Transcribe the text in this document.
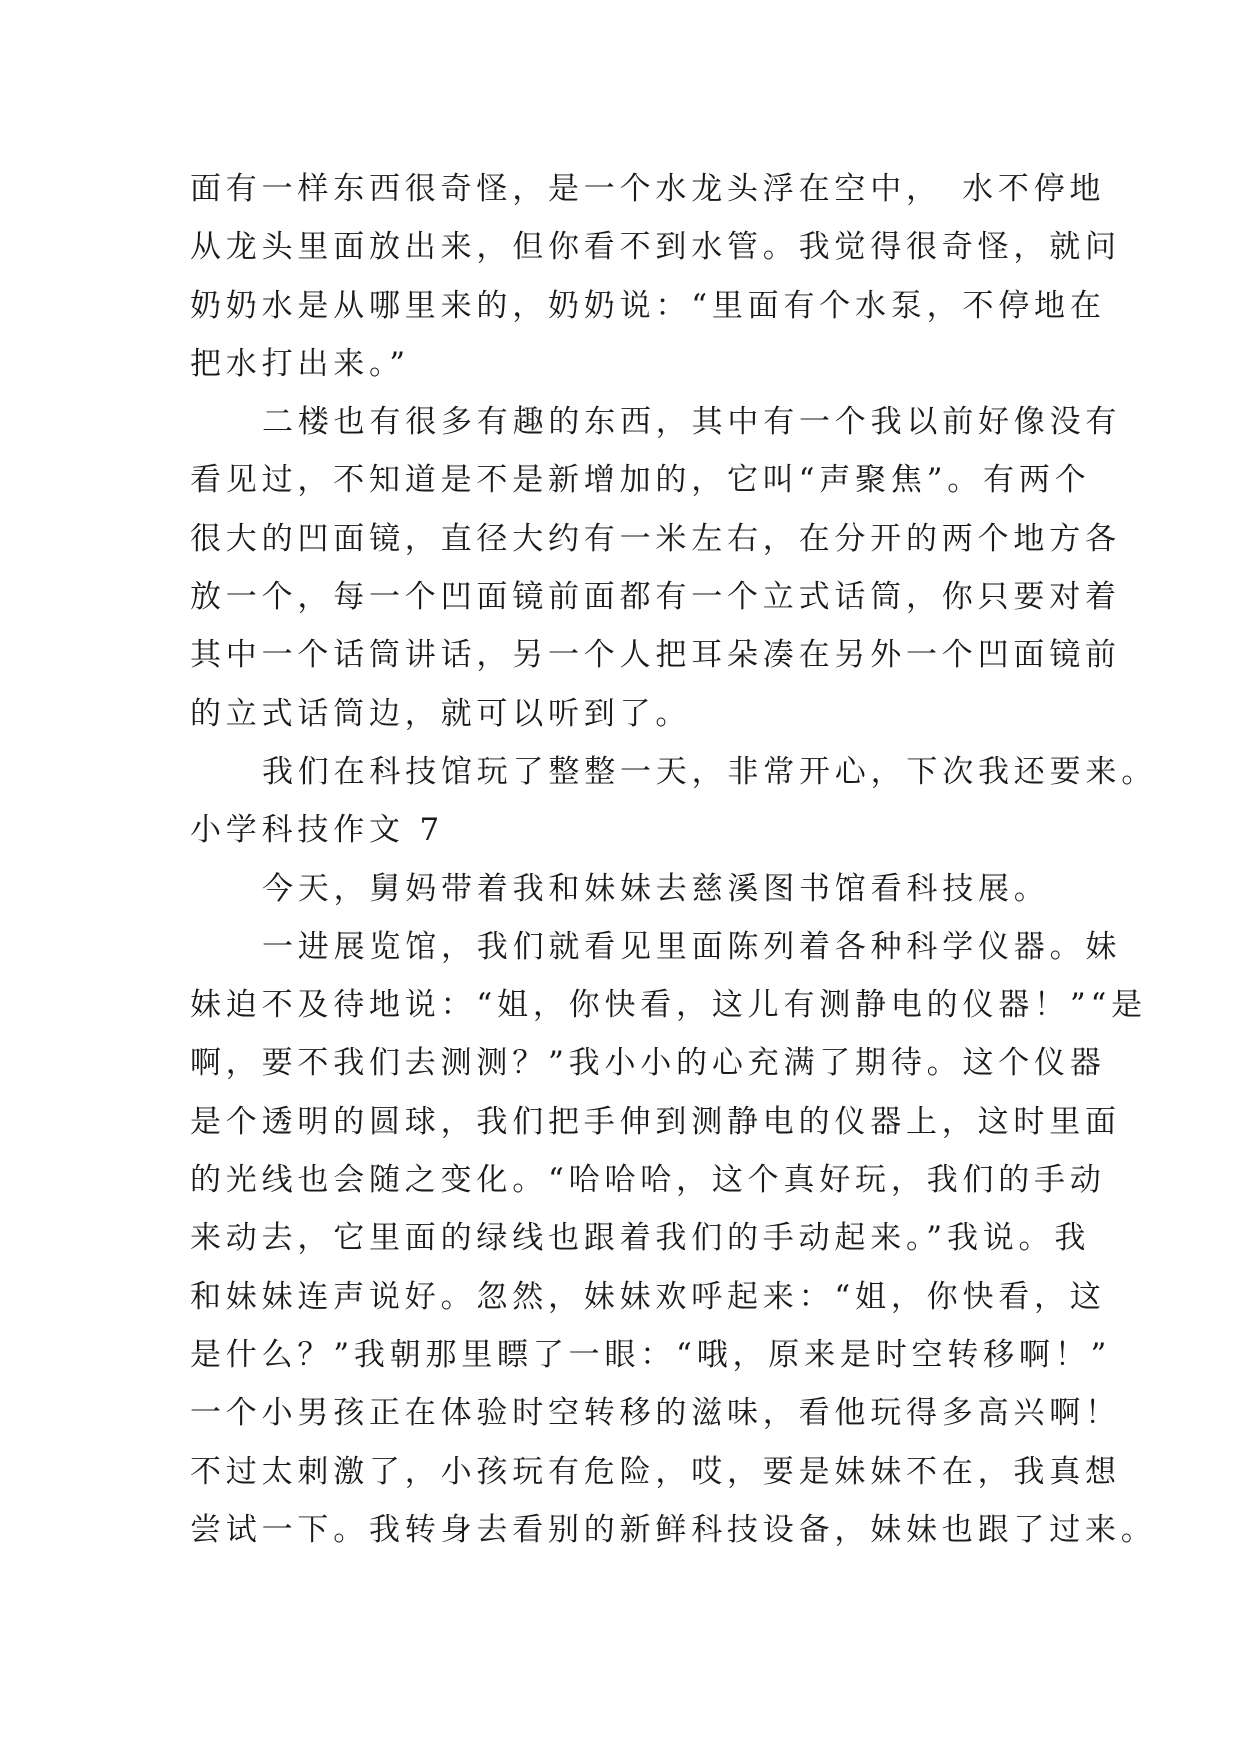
面有一样东西很奇怪，是一个水龙头浮在空中，　水不停地
从龙头里面放出来，但你看不到水管。我觉得很奇怪，就问
奶奶水是从哪里来的，奶奶说：“里面有个水泵，不停地在
把水打出来。”
二楼也有很多有趣的东西，其中有一个我以前好像没有
看见过，不知道是不是新增加的，它叫“声聚焦”。有两个
很大的凹面镜，直径大约有一米左右，在分开的两个地方各
放一个，每一个凹面镜前面都有一个立式话筒，你只要对着
其中一个话筒讲话，另一个人把耳朵凑在另外一个凹面镜前
的立式话筒边，就可以听到了。
我们在科技馆玩了整整一天，非常开心，下次我还要来。
小学科技作文 7
今天，舅妈带着我和妹妹去慈溪图书馆看科技展。
一进展览馆，我们就看见里面陈列着各种科学仪器。妹
妹迫不及待地说：“姐，你快看，这儿有测静电的仪器！”“是
啊，要不我们去测测？”我小小的心充满了期待。这个仪器
是个透明的圆球，我们把手伸到测静电的仪器上，这时里面
的光线也会随之变化。“哈哈哈，这个真好玩，我们的手动
来动去，它里面的绿线也跟着我们的手动起来。”我说。我
和妹妹连声说好。忽然，妹妹欢呼起来：“姐，你快看，这
是什么？”我朝那里瞟了一眼：“哦，原来是时空转移啊！”
一个小男孩正在体验时空转移的滋味，看他玩得多高兴啊！
不过太刺激了，小孩玩有危险，哎，要是妹妹不在，我真想
尝试一下。我转身去看别的新鲜科技设备，妹妹也跟了过来。
